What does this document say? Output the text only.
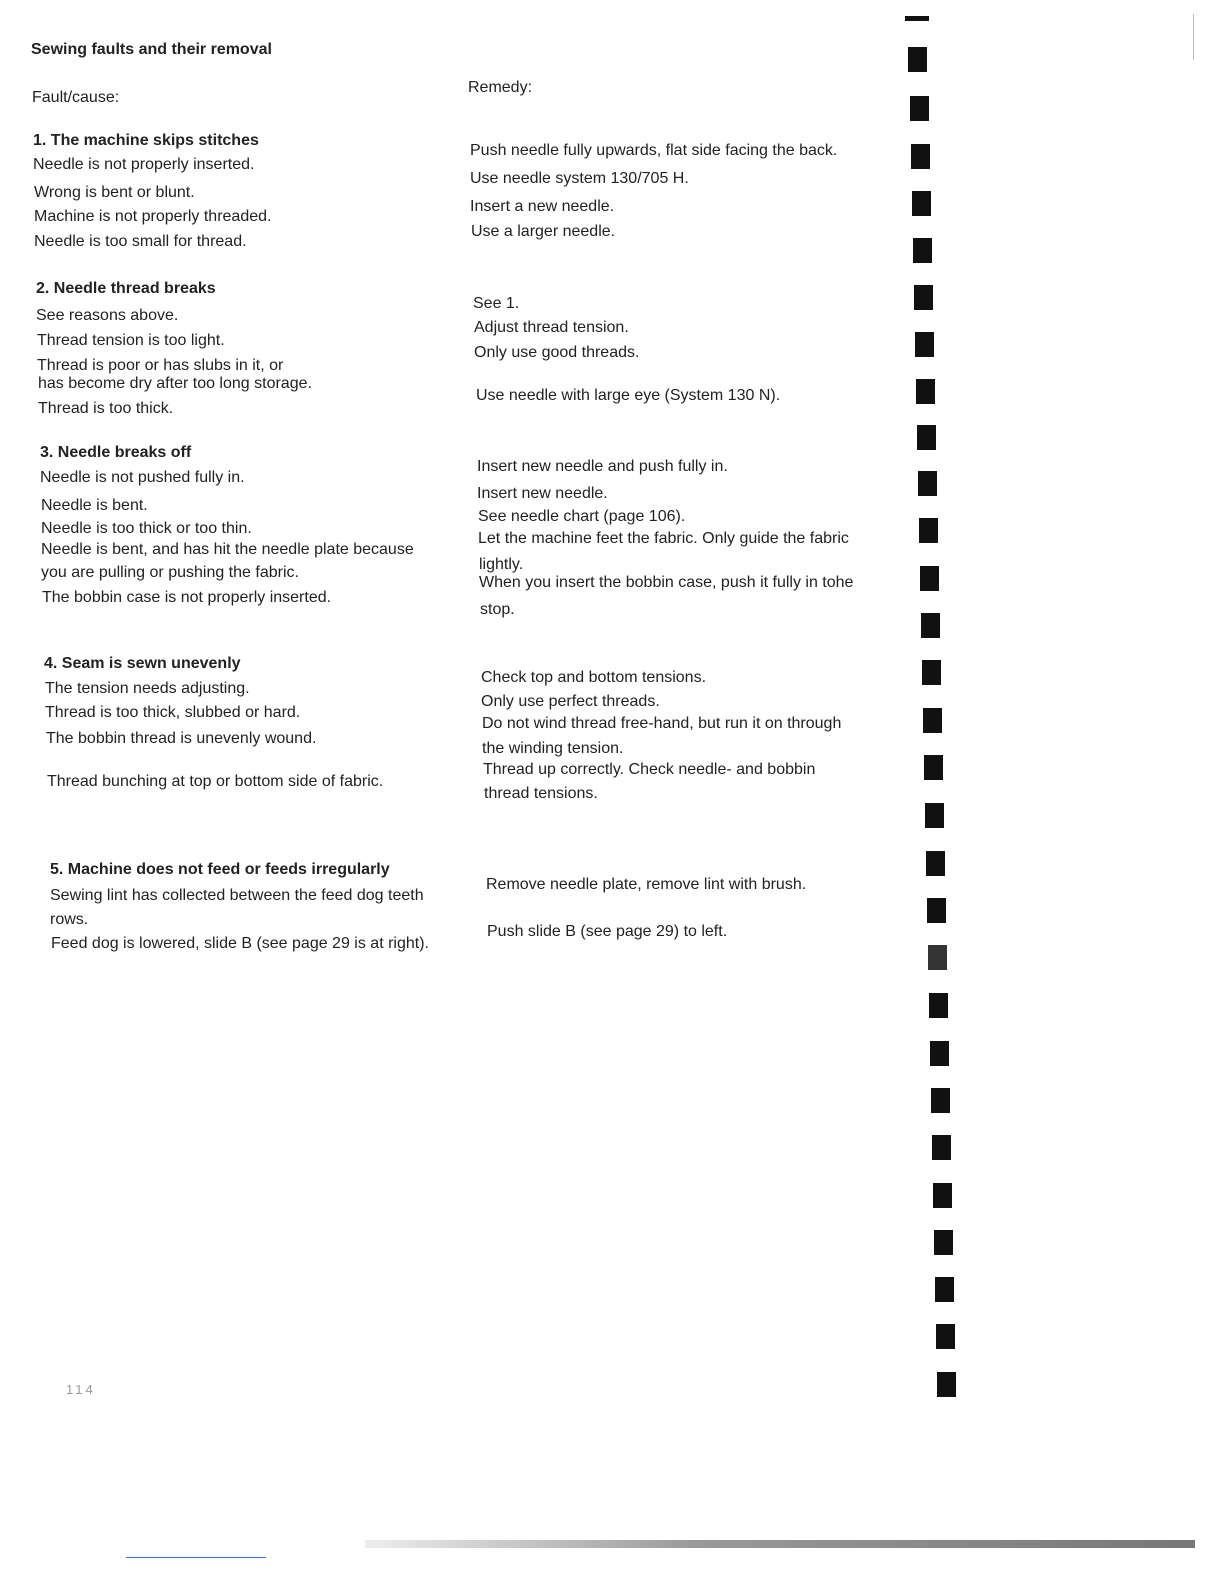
Sewing faults and their removal
Fault/cause:
Remedy:
1. The machine skips stitches
Needle is not properly inserted.
Wrong is bent or blunt.
Machine is not properly threaded.
Needle is too small for thread.
Push needle fully upwards, flat side facing the back.
Use needle system 130/705 H.
Insert a new needle.
Use a larger needle.
2. Needle thread breaks
See reasons above.
Thread tension is too light.
Thread is poor or has slubs in it, or
has become dry after too long storage.
Thread is too thick.
See 1.
Adjust thread tension.
Only use good threads.
Use needle with large eye (System 130 N).
3. Needle breaks off
Needle is not pushed fully in.
Needle is bent.
Needle is too thick or too thin.
Needle is bent, and has hit the needle plate because
you are pulling or pushing the fabric.
The bobbin case is not properly inserted.
Insert new needle and push fully in.
Insert new needle.
See needle chart (page 106).
Let the machine feet the fabric. Only guide the fabric
lightly.
When you insert the bobbin case, push it fully in tohe
stop.
4. Seam is sewn unevenly
The tension needs adjusting.
Thread is too thick, slubbed or hard.
The bobbin thread is unevenly wound.
Thread bunching at top or bottom side of fabric.
Check top and bottom tensions.
Only use perfect threads.
Do not wind thread free-hand, but run it on through
the winding tension.
Thread up correctly. Check needle- and bobbin
thread tensions.
5. Machine does not feed or feeds irregularly
Sewing lint has collected between the feed dog teeth
rows.
Feed dog is lowered, slide B (see page 29 is at right).
Remove needle plate, remove lint with brush.
Push slide B (see page 29) to left.
114
